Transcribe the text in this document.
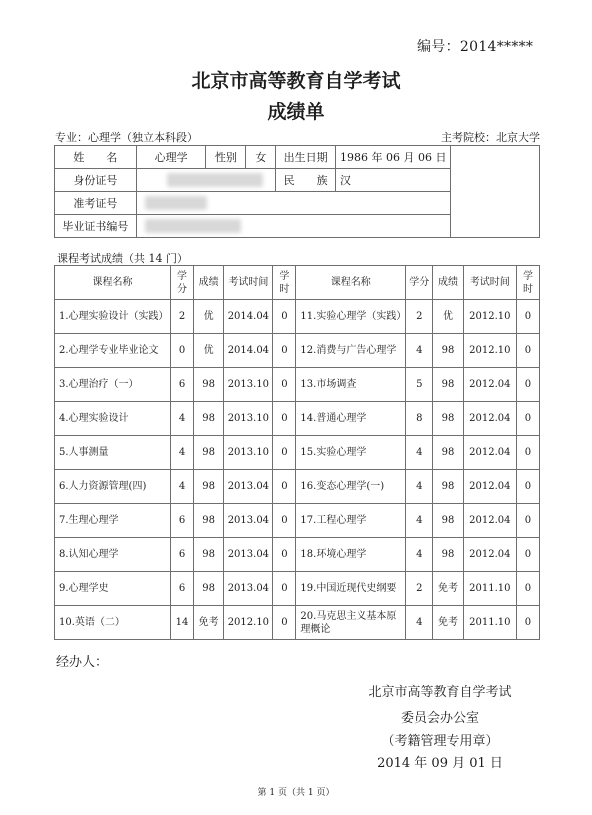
编号：2014*****
北京市高等教育自学考试
成绩单
专业：心理学（独立本科段）	主考院校：北京大学
姓　　名	心理学	性别	女	出生日期	1986 年 06 月 06 日	
身份证号				民　　族	汉	
准考证号						
毕业证书编号						
课程考试成绩（共 14 门）
课程名称	学分	成绩	考试时间	学时	课程名称	学分	成绩	考试时间	学时
1.心理实验设计（实践）	2	优	2014.04	0	11.实验心理学（实践）	2	优	2012.10	0
2.心理学专业毕业论文	0	优	2014.04	0	12.消费与广告心理学	4	98	2012.10	0
3.心理治疗（一）	6	98	2013.10	0	13.市场调查	5	98	2012.04	0
4.心理实验设计	4	98	2013.10	0	14.普通心理学	8	98	2012.04	0
5.人事测量	4	98	2013.10	0	15.实验心理学	4	98	2012.04	0
6.人力资源管理(四)	4	98	2013.04	0	16.变态心理学(一)	4	98	2012.04	0
7.生理心理学	6	98	2013.04	0	17.工程心理学	4	98	2012.04	0
8.认知心理学	6	98	2013.04	0	18.环境心理学	4	98	2012.04	0
9.心理学史	6	98	2013.04	0	19.中国近现代史纲要	2	免考	2011.10	0
10.英语（二）	14	免考	2012.10	0	20.马克思主义基本原理概论	4	免考	2011.10	0
经办人：
北京市高等教育自学考试
委员会办公室
（考籍管理专用章）
2014 年 09 月 01 日
第 1 页（共 1 页）
